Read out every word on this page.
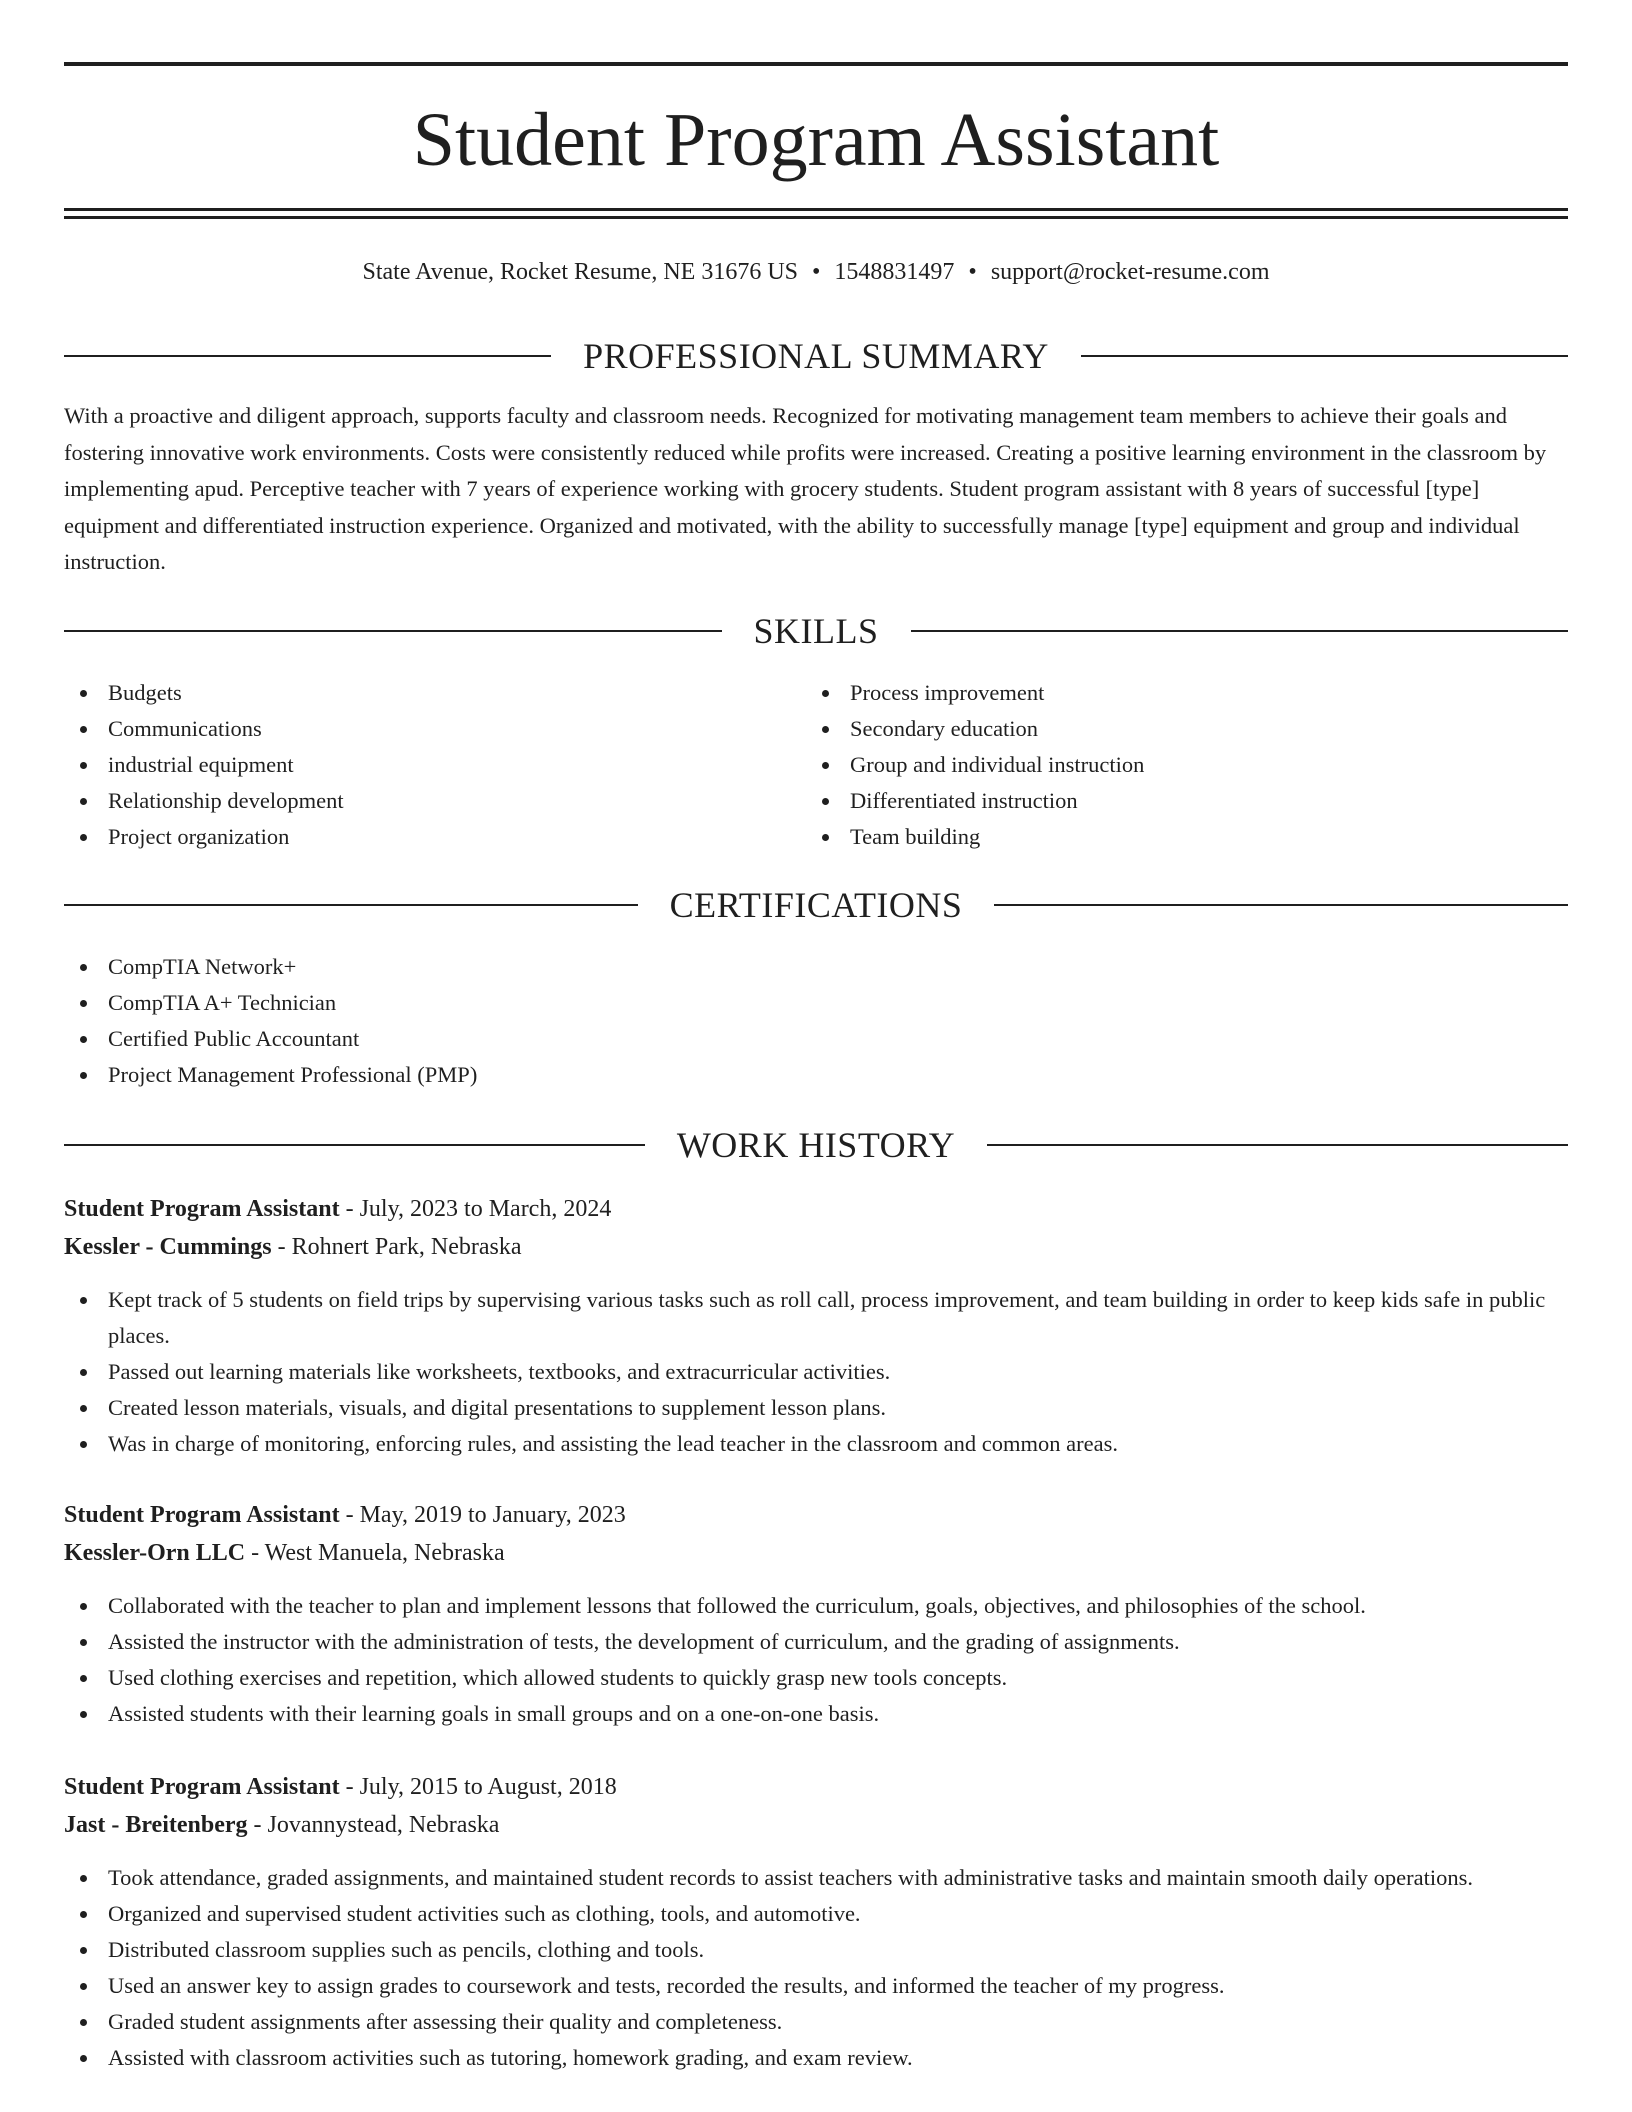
Student Program Assistant
State Avenue, Rocket Resume, NE 31676 US • 1548831497 • support@rocket-resume.com
PROFESSIONAL SUMMARY

With a proactive and diligent approach, supports faculty and classroom needs. Recognized for motivating management team members to achieve their goals and fostering innovative work environments. Costs were consistently reduced while profits were increased. Creating a positive learning environment in the classroom by implementing apud. Perceptive teacher with 7 years of experience working with grocery students. Student program assistant with 8 years of successful [type] equipment and differentiated instruction experience. Organized and motivated, with the ability to successfully manage [type] equipment and group and individual instruction.

SKILLS
Budgets
Communications
industrial equipment
Relationship development
Project organization
Process improvement
Secondary education
Group and individual instruction
Differentiated instruction
Team building
CERTIFICATIONS
CompTIA Network+
CompTIA A+ Technician
Certified Public Accountant
Project Management Professional (PMP)
WORK HISTORY
Student Program Assistant - July, 2023 to March, 2024
Kessler - Cummings - Rohnert Park, Nebraska
Kept track of 5 students on field trips by supervising various tasks such as roll call, process improvement, and team building in order to keep kids safe in public places.
Passed out learning materials like worksheets, textbooks, and extracurricular activities.
Created lesson materials, visuals, and digital presentations to supplement lesson plans.
Was in charge of monitoring, enforcing rules, and assisting the lead teacher in the classroom and common areas.
Student Program Assistant - May, 2019 to January, 2023
Kessler-Orn LLC - West Manuela, Nebraska
Collaborated with the teacher to plan and implement lessons that followed the curriculum, goals, objectives, and philosophies of the school.
Assisted the instructor with the administration of tests, the development of curriculum, and the grading of assignments.
Used clothing exercises and repetition, which allowed students to quickly grasp new tools concepts.
Assisted students with their learning goals in small groups and on a one-on-one basis.
Student Program Assistant - July, 2015 to August, 2018
Jast - Breitenberg - Jovannystead, Nebraska
Took attendance, graded assignments, and maintained student records to assist teachers with administrative tasks and maintain smooth daily operations.
Organized and supervised student activities such as clothing, tools, and automotive.
Distributed classroom supplies such as pencils, clothing and tools.
Used an answer key to assign grades to coursework and tests, recorded the results, and informed the teacher of my progress.
Graded student assignments after assessing their quality and completeness.
Assisted with classroom activities such as tutoring, homework grading, and exam review.
